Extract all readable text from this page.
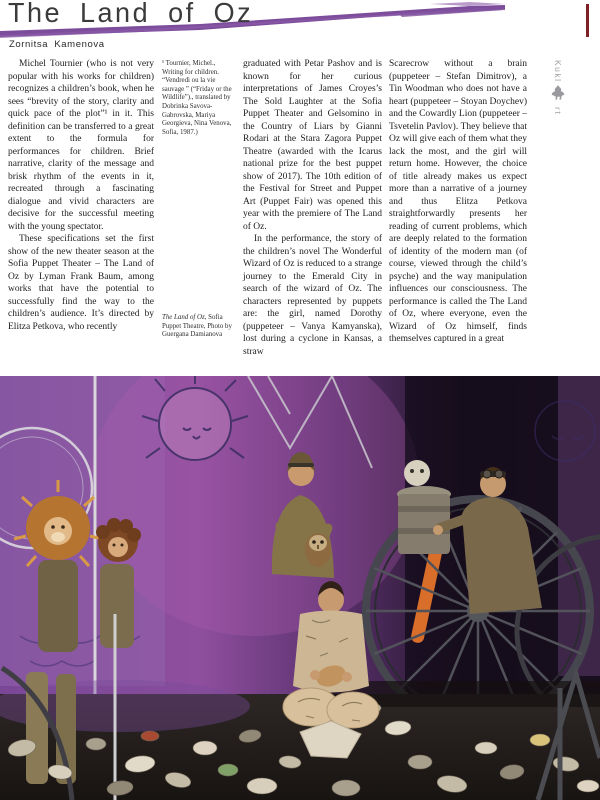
The Land of Oz
Zornitsa Kamenova

Michel Tournier (who is not very popular with his works for children) recognizes a children’s book, when he sees “brevity of the story, clarity and quick pace of the plot”¹ in it. This definition can be transferred to a great extent to the formula for performances for children. Brief narrative, clarity of the message and brisk rhythm of the events in it, recreated through a fascinating dialogue and vivid characters are decisive for the successful meeting with the young spectator.

These specifications set the first show of the new theater season at the Sofia Puppet Theater – The Land of Oz by Lyman Frank Baum, among works that have the potential to successfully find the way to the children’s audience. It’s directed by Elitza Petkova, who recently

¹ Tournier, Michel., Writing for children. “Vendredi ou la vie sauvage ” (“Friday or the Wildlife”)., translated by Dobrinka Savova-Gabrovska, Mariya Georgieva, Nina Venova, Sofia, 1987.)
The Land of Oz, Sofia Puppet Theatre, Photo by Guergana Damianova

graduated with Petar Pashov and is known for her curious interpretations of James Croyes’s The Sold Laughter at the Sofia Puppet Theater and Gelsomino in the Country of Liars by Gianni Rodari at the Stara Zagora Puppet Theatre (awarded with the Icarus national prize for the best puppet show of 2017). The 10th edition of the Festival for Street and Puppet Art (Puppet Fair) was opened this year with the premiere of The Land of Oz.

In the performance, the story of the children’s novel The Wonderful Wizard of Oz is reduced to a strange journey to the Emerald City in search of the wizard of Oz. The characters represented by puppets are: the girl, named Dorothy (puppeteer – Vanya Kamyanska), lost during a cyclone in Kansas, a straw

Scarecrow without a brain (puppeteer – Stefan Dimitrov), a Tin Woodman who does not have a heart (puppeteer – Stoyan Doychev) and the Cowardly Lion (puppeteer – Tsvetelin Pavlov). They believe that Oz will give each of them what they lack the most, and the girl will return home. However, the choice of title already makes us expect more than a narrative of a journey and thus Elitza Petkova straightforwardly presents her reading of current problems, which are deeply related to the formation of identity of the modern man (of course, viewed through the child’s psyche) and the way manipulation influences our consciousness. The performance is called the The Land of Oz, where everyone, even the Wizard of Oz himself, finds themselves captured in a great

Kukl
rt
